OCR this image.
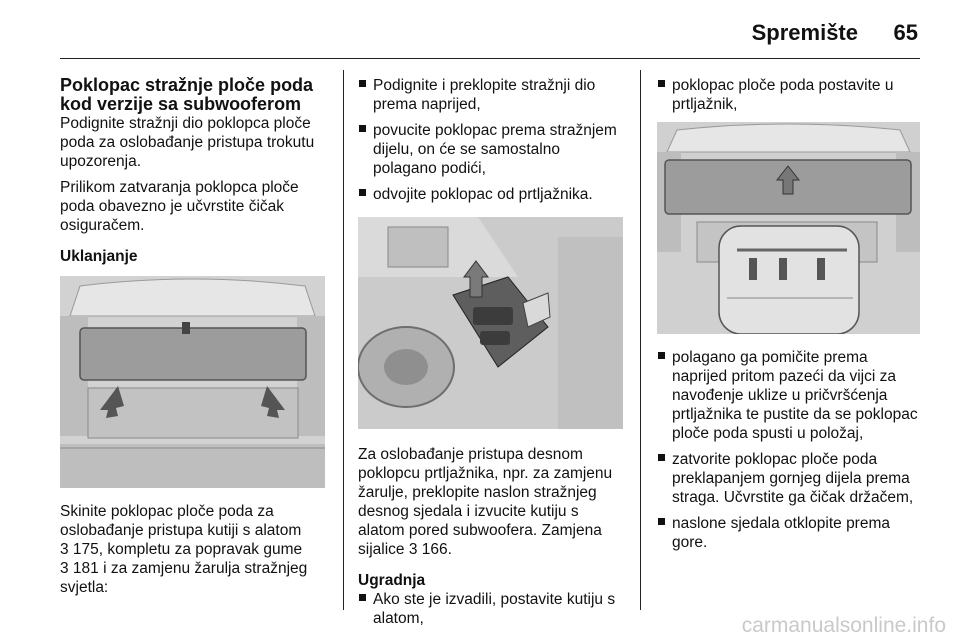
Spremište 65

Poklopac stražnje ploče poda kod verzije sa subwooferom

Podignite stražnji dio poklopca ploče poda za oslobađanje pristupa trokutu upozorenja.

Prilikom zatvaranja poklopca ploče poda obavezno je učvrstite čičak osiguračem.

Uklanjanje

Skinite poklopac ploče poda za

oslobađanje pristupa kutiji s alatom

3 175, kompletu za popravak gume

3 181 i za zamjenu žarulja stražnjeg

svjetla:

Podignite i preklopite stražnji dio prema naprijed,
povucite poklopac prema stražnjem dijelu, on će se samostalno polagano podići,
odvojite poklopac od prtljažnika.

Za oslobađanje pristupa desnom

poklopcu prtljažnika, npr. za zamjenu

žarulje, preklopite naslon stražnjeg

desnog sjedala i izvucite kutiju s

alatom pored subwoofera. Zamjena

sijalice 3 166.

Ugradnja

Ako ste je izvadili, postavite kutiju s alatom,
poklopac ploče poda postavite u prtljažnik,
polagano ga pomičite prema naprijed pritom pazeći da vijci za navođenje uklize u pričvršćenja prtljažnika te pustite da se poklopac ploče poda spusti u položaj,
zatvorite poklopac ploče poda preklapanjem gornjeg dijela prema straga. Učvrstite ga čičak držačem,
naslone sjedala otklopite prema gore.
carmanualsonline.info
